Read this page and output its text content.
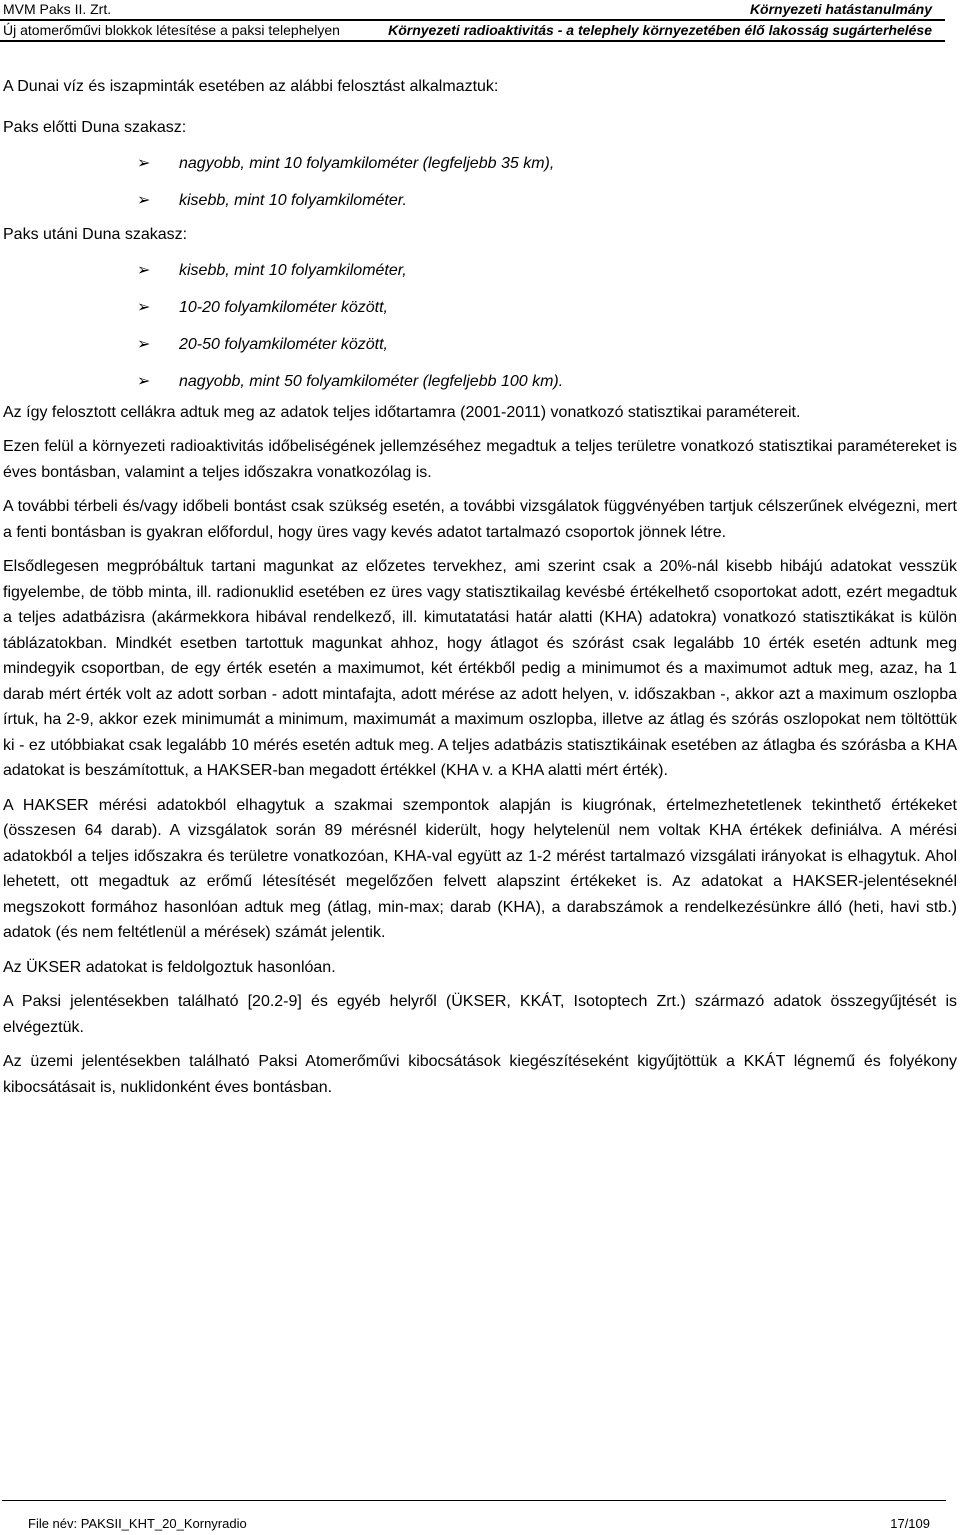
MVM Paks II. Zrt.	Környezeti hatástanulmány
Új atomerőművi blokkok létesítése a paksi telephelyen	Környezeti radioaktivitás - a telephely környezetében élő lakosság sugárterhelése

A Dunai víz és iszapminták esetében az alábbi felosztást alkalmaztuk:

Paks előtti Duna szakasz:

➢ nagyobb, mint 10 folyamkilométer (legfeljebb 35 km),
➢ kisebb, mint 10 folyamkilométer.

Paks utáni Duna szakasz:

➢ kisebb, mint 10 folyamkilométer,
➢ 10-20 folyamkilométer között,
➢ 20-50 folyamkilométer között,
➢ nagyobb, mint 50 folyamkilométer (legfeljebb 100 km).

Az így felosztott cellákra adtuk meg az adatok teljes időtartamra (2001-2011) vonatkozó statisztikai paramétereit.

Ezen felül a környezeti radioaktivitás időbeliségének jellemzéséhez megadtuk a teljes területre vonatkozó statisztikai paramétereket is éves bontásban, valamint a teljes időszakra vonatkozólag is.

A további térbeli és/vagy időbeli bontást csak szükség esetén, a további vizsgálatok függvényében tartjuk célszerűnek elvégezni, mert a fenti bontásban is gyakran előfordul, hogy üres vagy kevés adatot tartalmazó csoportok jönnek létre.

Elsődlegesen megpróbáltuk tartani magunkat az előzetes tervekhez, ami szerint csak a 20%-nál kisebb hibájú adatokat vesszük figyelembe, de több minta, ill. radionuklid esetében ez üres vagy statisztikailag kevésbé értékelhető csoportokat adott, ezért megadtuk a teljes adatbázisra (akármekkora hibával rendelkező, ill. kimutatatási határ alatti (KHA) adatokra) vonatkozó statisztikákat is külön táblázatokban. Mindkét esetben tartottuk magunkat ahhoz, hogy átlagot és szórást csak legalább 10 érték esetén adtunk meg mindegyik csoportban, de egy érték esetén a maximumot, két értékből pedig a minimumot és a maximumot adtuk meg, azaz, ha 1 darab mért érték volt az adott sorban - adott mintafajta, adott mérése az adott helyen, v. időszakban -, akkor azt a maximum oszlopba írtuk, ha 2-9, akkor ezek minimumát a minimum, maximumát a maximum oszlopba, illetve az átlag és szórás oszlopokat nem töltöttük ki - ez utóbbiakat csak legalább 10 mérés esetén adtuk meg. A teljes adatbázis statisztikáinak esetében az átlagba és szórásba a KHA adatokat is beszámítottuk, a HAKSER-ban megadott értékkel (KHA v. a KHA alatti mért érték).

A HAKSER mérési adatokból elhagytuk a szakmai szempontok alapján is kiugrónak, értelmezhetetlenek tekinthető értékeket (összesen 64 darab). A vizsgálatok során 89 mérésnél kiderült, hogy helytelenül nem voltak KHA értékek definiálva. A mérési adatokból a teljes időszakra és területre vonatkozóan, KHA-val együtt az 1-2 mérést tartalmazó vizsgálati irányokat is elhagytuk. Ahol lehetett, ott megadtuk az erőmű létesítését megelőzően felvett alapszint értékeket is. Az adatokat a HAKSER-jelentéseknél megszokott formához hasonlóan adtuk meg (átlag, min-max; darab (KHA), a darabszámok a rendelkezésünkre álló (heti, havi stb.) adatok (és nem feltétlenül a mérések) számát jelentik.

Az ÜKSER adatokat is feldolgoztuk hasonlóan.

A Paksi jelentésekben található [20.2-9] és egyéb helyről (ÜKSER, KKÁT, Isotoptech Zrt.) származó adatok összegyűjtését is elvégeztük.

Az üzemi jelentésekben található Paksi Atomerőművi kibocsátások kiegészítéseként kigyűjtöttük a KKÁT légnemű és folyékony kibocsátásait is, nuklidonként éves bontásban.

File név: PAKSII_KHT_20_Kornyradio	17/109
